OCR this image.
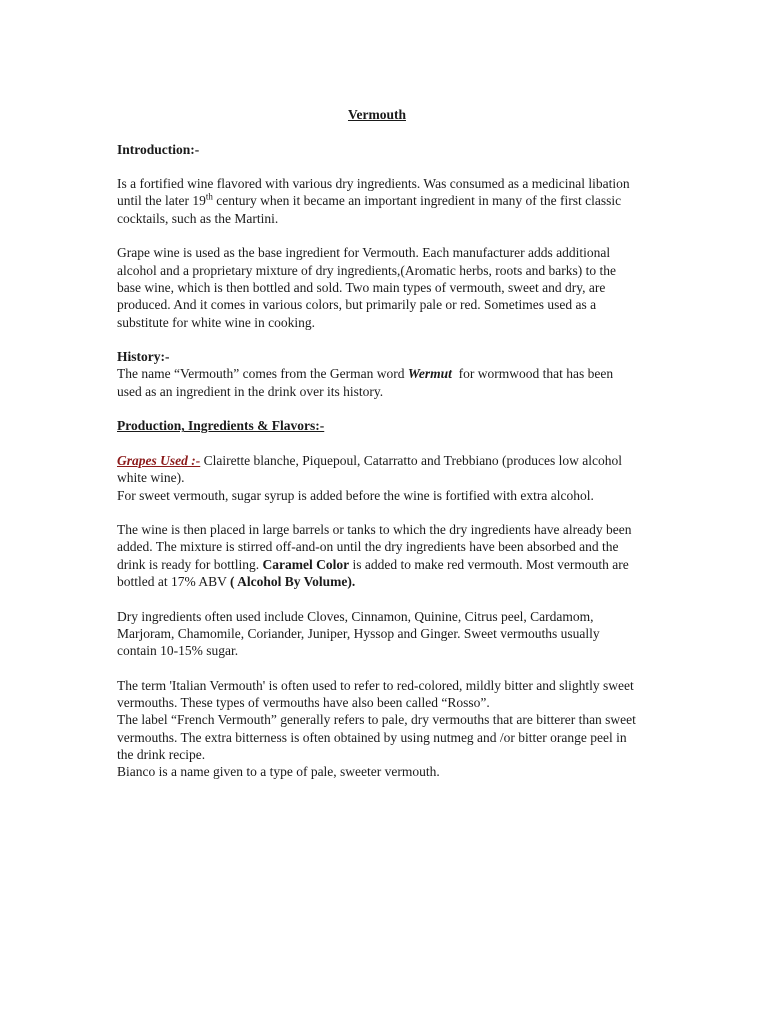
Vermouth

Introduction:-

Is a fortified wine flavored with various dry ingredients. Was consumed as a medicinal libation until the later 19th century when it became an important ingredient in many of the first classic cocktails, such as the Martini.

Grape wine is used as the base ingredient for Vermouth. Each manufacturer adds additional alcohol and a proprietary mixture of dry ingredients,(Aromatic herbs, roots and barks) to the base wine, which is then bottled and sold. Two main types of vermouth, sweet and dry, are produced. And it comes in various colors, but primarily pale or red. Sometimes used as a substitute for white wine in cooking.

History:-

The name “Vermouth” comes from the German word Wermut  for wormwood that has been used as an ingredient in the drink over its history.

Production, Ingredients & Flavors:-

Grapes Used :- Clairette blanche, Piquepoul, Catarratto and Trebbiano (produces low alcohol white wine).

For sweet vermouth, sugar syrup is added before the wine is fortified with extra alcohol.

The wine is then placed in large barrels or tanks to which the dry ingredients have already been added. The mixture is stirred off-and-on until the dry ingredients have been absorbed and the drink is ready for bottling. Caramel Color is added to make red vermouth. Most vermouth are bottled at 17% ABV ( Alcohol By Volume).

Dry ingredients often used include Cloves, Cinnamon, Quinine, Citrus peel, Cardamom, Marjoram, Chamomile, Coriander, Juniper, Hyssop and Ginger. Sweet vermouths usually contain 10-15% sugar.

The term 'Italian Vermouth' is often used to refer to red-colored, mildly bitter and slightly sweet vermouths. These types of vermouths have also been called “Rosso”.

The label “French Vermouth” generally refers to pale, dry vermouths that are bitterer than sweet vermouths. The extra bitterness is often obtained by using nutmeg and /or bitter orange peel in the drink recipe.

Bianco is a name given to a type of pale, sweeter vermouth.
